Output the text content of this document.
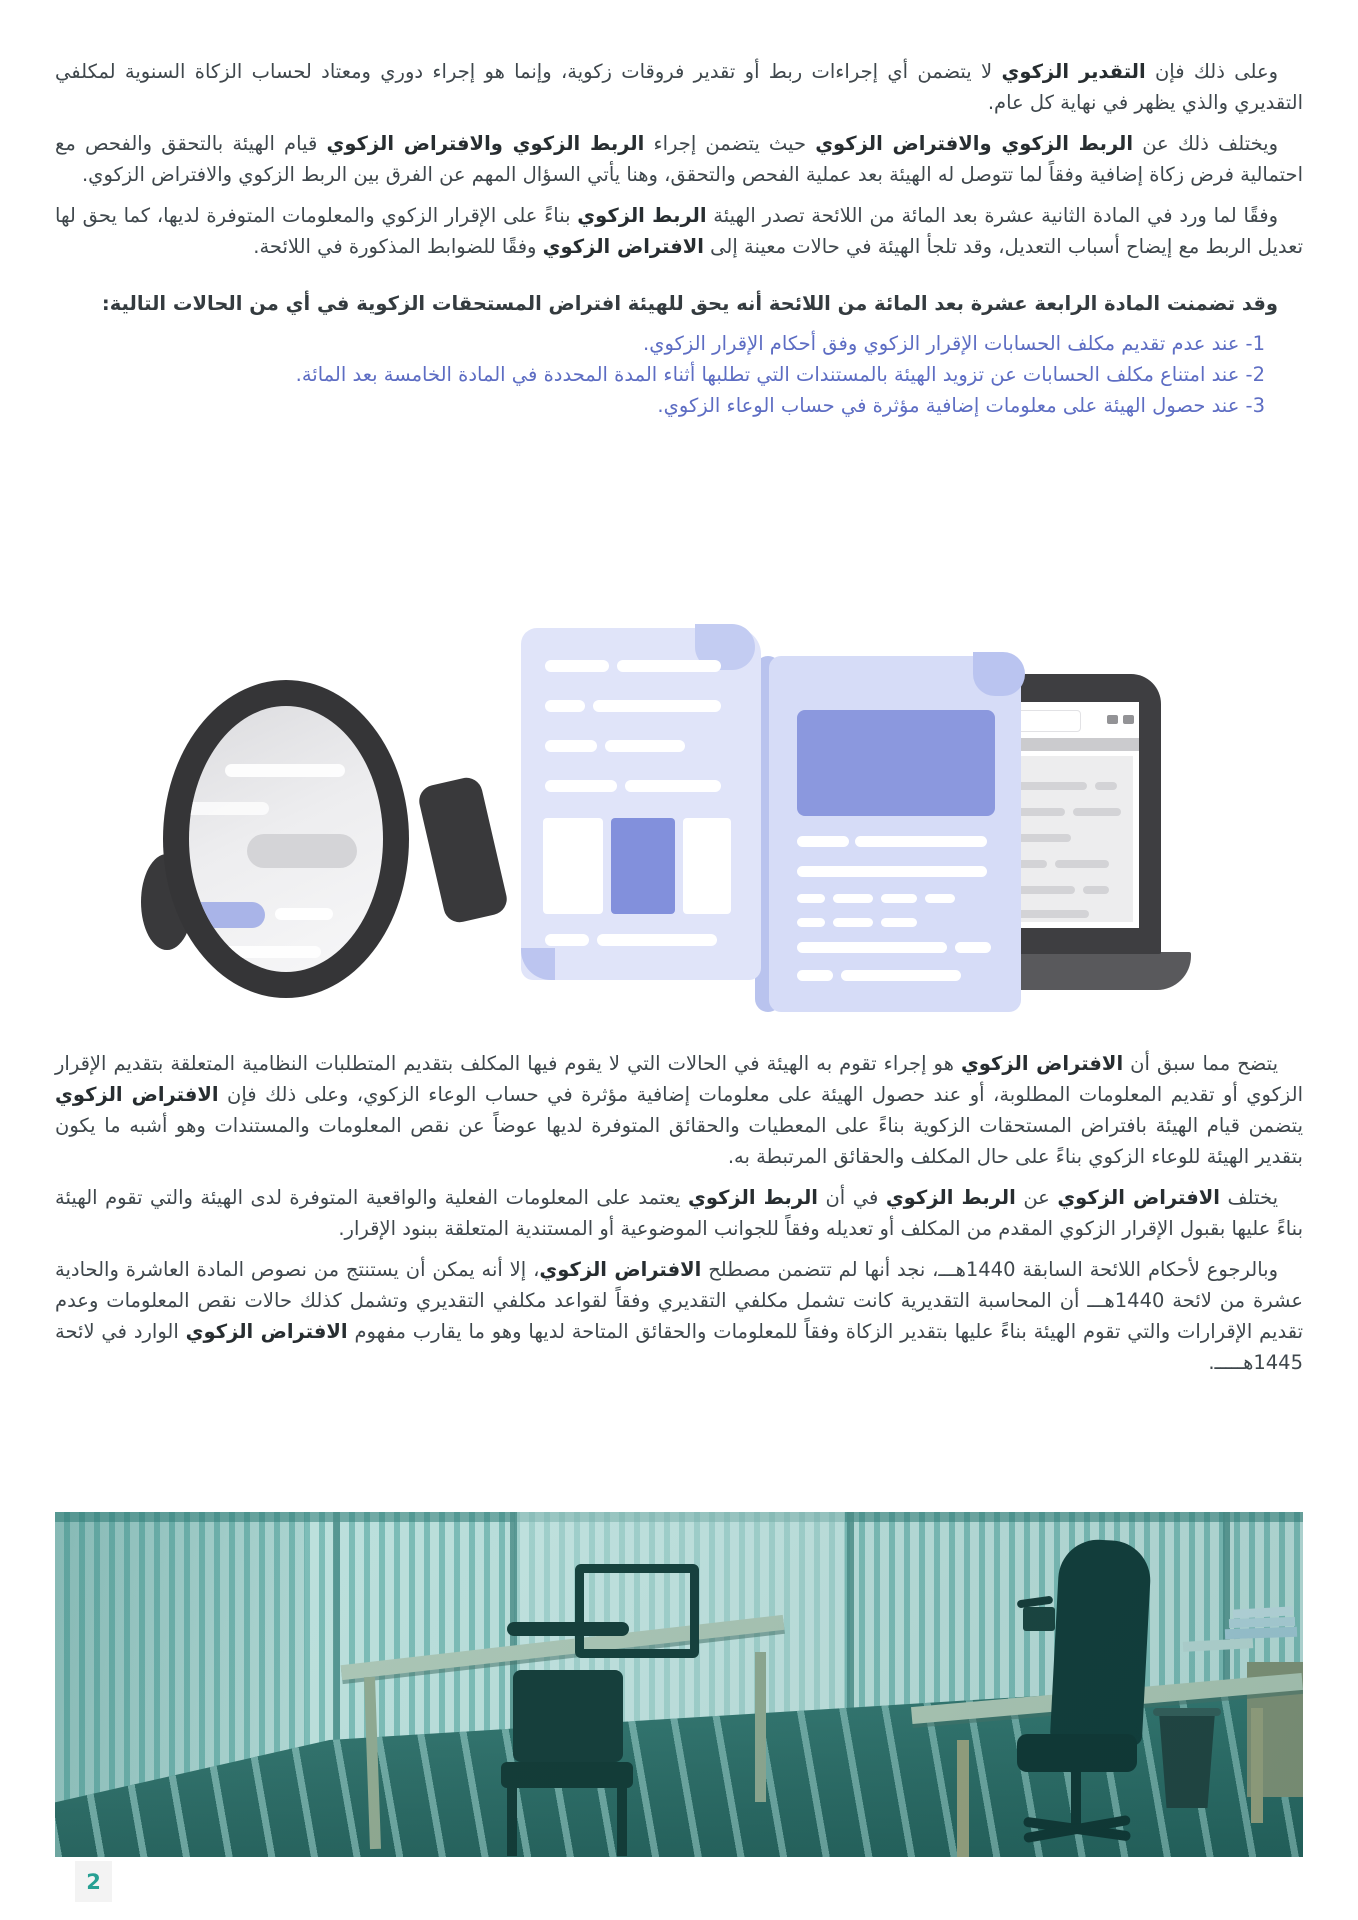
وعلى ذلك فإن التقدير الزكوي لا يتضمن أي إجراءات ربط أو تقدير فروقات زكوية، وإنما هو إجراء دوري ومعتاد لحساب الزكاة السنوية لمكلفي التقديري والذي يظهر في نهاية كل عام.

ويختلف ذلك عن الربط الزكوي والافتراض الزكوي حيث يتضمن إجراء الربط الزكوي والافتراض الزكوي قيام الهيئة بالتحقق والفحص مع احتمالية فرض زكاة إضافية وفقاً لما تتوصل له الهيئة بعد عملية الفحص والتحقق، وهنا يأتي السؤال المهم عن الفرق بين الربط الزكوي والافتراض الزكوي.

وفقًا لما ورد في المادة الثانية عشرة بعد المائة من اللائحة تصدر الهيئة الربط الزكوي بناءً على الإقرار الزكوي والمعلومات المتوفرة لديها، كما يحق لها تعديل الربط مع إيضاح أسباب التعديل، وقد تلجأ الهيئة في حالات معينة إلى الافتراض الزكوي وفقًا للضوابط المذكورة في اللائحة.

وقد تضمنت المادة الرابعة عشرة بعد المائة من اللائحة أنه يحق للهيئة افتراض المستحقات الزكوية في أي من الحالات التالية:

1- عند عدم تقديم مكلف الحسابات الإقرار الزكوي وفق أحكام الإقرار الزكوي.
2- عند امتناع مكلف الحسابات عن تزويد الهيئة بالمستندات التي تطلبها أثناء المدة المحددة في المادة الخامسة بعد المائة.
3- عند حصول الهيئة على معلومات إضافية مؤثرة في حساب الوعاء الزكوي.

يتضح مما سبق أن الافتراض الزكوي هو إجراء تقوم به الهيئة في الحالات التي لا يقوم فيها المكلف بتقديم المتطلبات النظامية المتعلقة بتقديم الإقرار الزكوي أو تقديم المعلومات المطلوبة، أو عند حصول الهيئة على معلومات إضافية مؤثرة في حساب الوعاء الزكوي، وعلى ذلك فإن الافتراض الزكوي يتضمن قيام الهيئة بافتراض المستحقات الزكوية بناءً على المعطيات والحقائق المتوفرة لديها عوضاً عن نقص المعلومات والمستندات وهو أشبه ما يكون بتقدير الهيئة للوعاء الزكوي بناءً على حال المكلف والحقائق المرتبطة به.

يختلف الافتراض الزكوي عن الربط الزكوي في أن الربط الزكوي يعتمد على المعلومات الفعلية والواقعية المتوفرة لدى الهيئة والتي تقوم الهيئة بناءً عليها بقبول الإقرار الزكوي المقدم من المكلف أو تعديله وفقاً للجوانب الموضوعية أو المستندية المتعلقة ببنود الإقرار.

وبالرجوع لأحكام اللائحة السابقة 1440هـــ، نجد أنها لم تتضمن مصطلح الافتراض الزكوي، إلا أنه يمكن أن يستنتج من نصوص المادة العاشرة والحادية عشرة من لائحة 1440هـــ أن المحاسبة التقديرية كانت تشمل مكلفي التقديري وفقاً لقواعد مكلفي التقديري وتشمل كذلك حالات نقص المعلومات وعدم تقديم الإقرارات والتي تقوم الهيئة بناءً عليها بتقدير الزكاة وفقاً للمعلومات والحقائق المتاحة لديها وهو ما يقارب مفهوم الافتراض الزكوي الوارد في لائحة 1445هـــــ.

2
